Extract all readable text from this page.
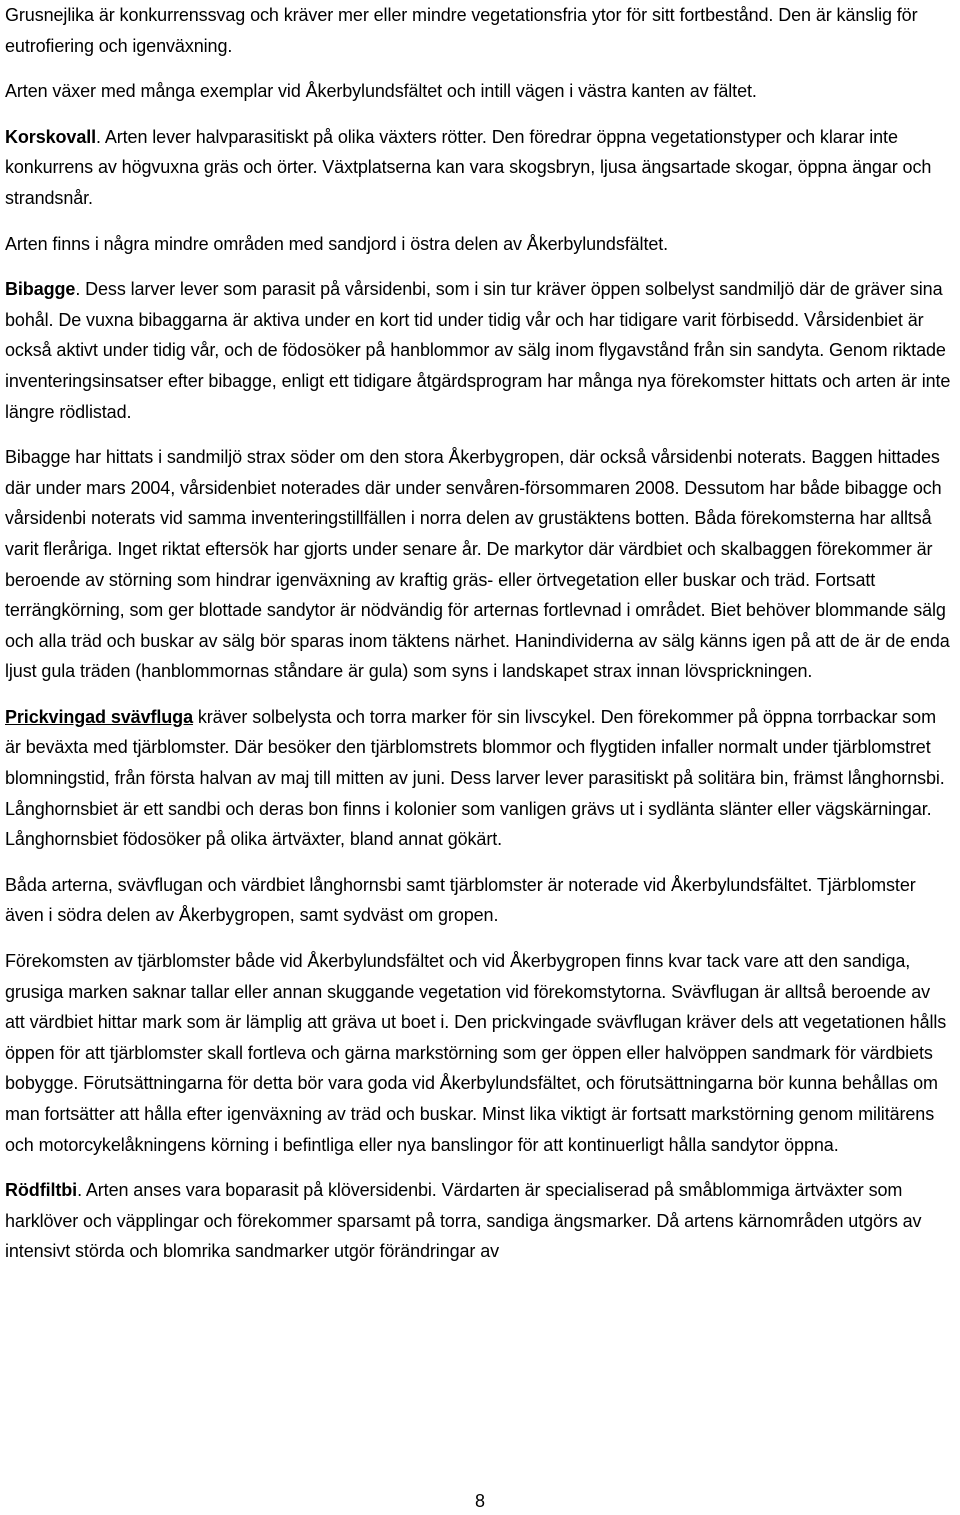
Grusnejlika är konkurrenssvag och kräver mer eller mindre vegetationsfria ytor för sitt fortbestånd. Den är känslig för eutrofiering och igenväxning.

Arten växer med många exemplar vid Åkerbylundsfältet och intill vägen i västra kanten av fältet.

Korskovall. Arten lever halvparasitiskt på olika växters rötter. Den föredrar öppna vegetationstyper och klarar inte konkurrens av högvuxna gräs och örter. Växtplatserna kan vara skogsbryn, ljusa ängsartade skogar, öppna ängar och strandsnår.

Arten finns i några mindre områden med sandjord i östra delen av Åkerbylundsfältet.

Bibagge. Dess larver lever som parasit på vårsidenbi, som i sin tur kräver öppen solbelyst sandmiljö där de gräver sina bohål. De vuxna bibaggarna är aktiva under en kort tid under tidig vår och har tidigare varit förbisedd. Vårsidenbiet är också aktivt under tidig vår, och de födosöker på hanblommor av sälg inom flygavstånd från sin sandyta. Genom riktade inventeringsinsatser efter bibagge, enligt ett tidigare åtgärdsprogram har många nya förekomster hittats och arten är inte längre rödlistad.

Bibagge har hittats i sandmiljö strax söder om den stora Åkerbygropen, där också vårsidenbi noterats. Baggen hittades där under mars 2004, vårsidenbiet noterades där under senvåren-försommaren 2008. Dessutom har både bibagge och vårsidenbi noterats vid samma inventeringstillfällen i norra delen av grustäktens botten. Båda förekomsterna har alltså varit fleråriga. Inget riktat eftersök har gjorts under senare år. De markytor där värdbiet och skalbaggen förekommer är beroende av störning som hindrar igenväxning av kraftig gräs- eller örtvegetation eller buskar och träd. Fortsatt terrängkörning, som ger blottade sandytor är nödvändig för arternas fortlevnad i området. Biet behöver blommande sälg och alla träd och buskar av sälg bör sparas inom täktens närhet. Hanindividerna av sälg känns igen på att de är de enda ljust gula träden (hanblommornas ståndare är gula) som syns i landskapet strax innan lövsprickningen.

Prickvingad svävfluga kräver solbelysta och torra marker för sin livscykel. Den förekommer på öppna torrbackar som är beväxta med tjärblomster. Där besöker den tjärblomstrets blommor och flygtiden infaller normalt under tjärblomstret blomningstid, från första halvan av maj till mitten av juni. Dess larver lever parasitiskt på solitära bin, främst långhornsbi. Långhornsbiet är ett sandbi och deras bon finns i kolonier som vanligen grävs ut i sydlänta slänter eller vägskärningar. Långhornsbiet födosöker på olika ärtväxter, bland annat gökärt.

Båda arterna, svävflugan och värdbiet långhornsbi samt tjärblomster är noterade vid Åkerbylundsfältet. Tjärblomster även i södra delen av Åkerbygropen, samt sydväst om gropen.

Förekomsten av tjärblomster både vid Åkerbylundsfältet och vid Åkerbygropen finns kvar tack vare att den sandiga, grusiga marken saknar tallar eller annan skuggande vegetation vid förekomstytorna. Svävflugan är alltså beroende av att värdbiet hittar mark som är lämplig att gräva ut boet i. Den prickvingade svävflugan kräver dels att vegetationen hålls öppen för att tjärblomster skall fortleva och gärna markstörning som ger öppen eller halvöppen sandmark för värdbiets bobygge. Förutsättningarna för detta bör vara goda vid Åkerbylundsfältet, och förutsättningarna bör kunna behållas om man fortsätter att hålla efter igenväxning av träd och buskar. Minst lika viktigt är fortsatt markstörning genom militärens och motorcykelåkningens körning i befintliga eller nya banslingor för att kontinuerligt hålla sandytor öppna.

Rödfiltbi. Arten anses vara boparasit på klöversidenbi. Värdarten är specialiserad på småblommiga ärtväxter som harklöver och väpplingar och förekommer sparsamt på torra, sandiga ängsmarker. Då artens kärnområden utgörs av intensivt störda och blomrika sandmarker utgör förändringar av

8
